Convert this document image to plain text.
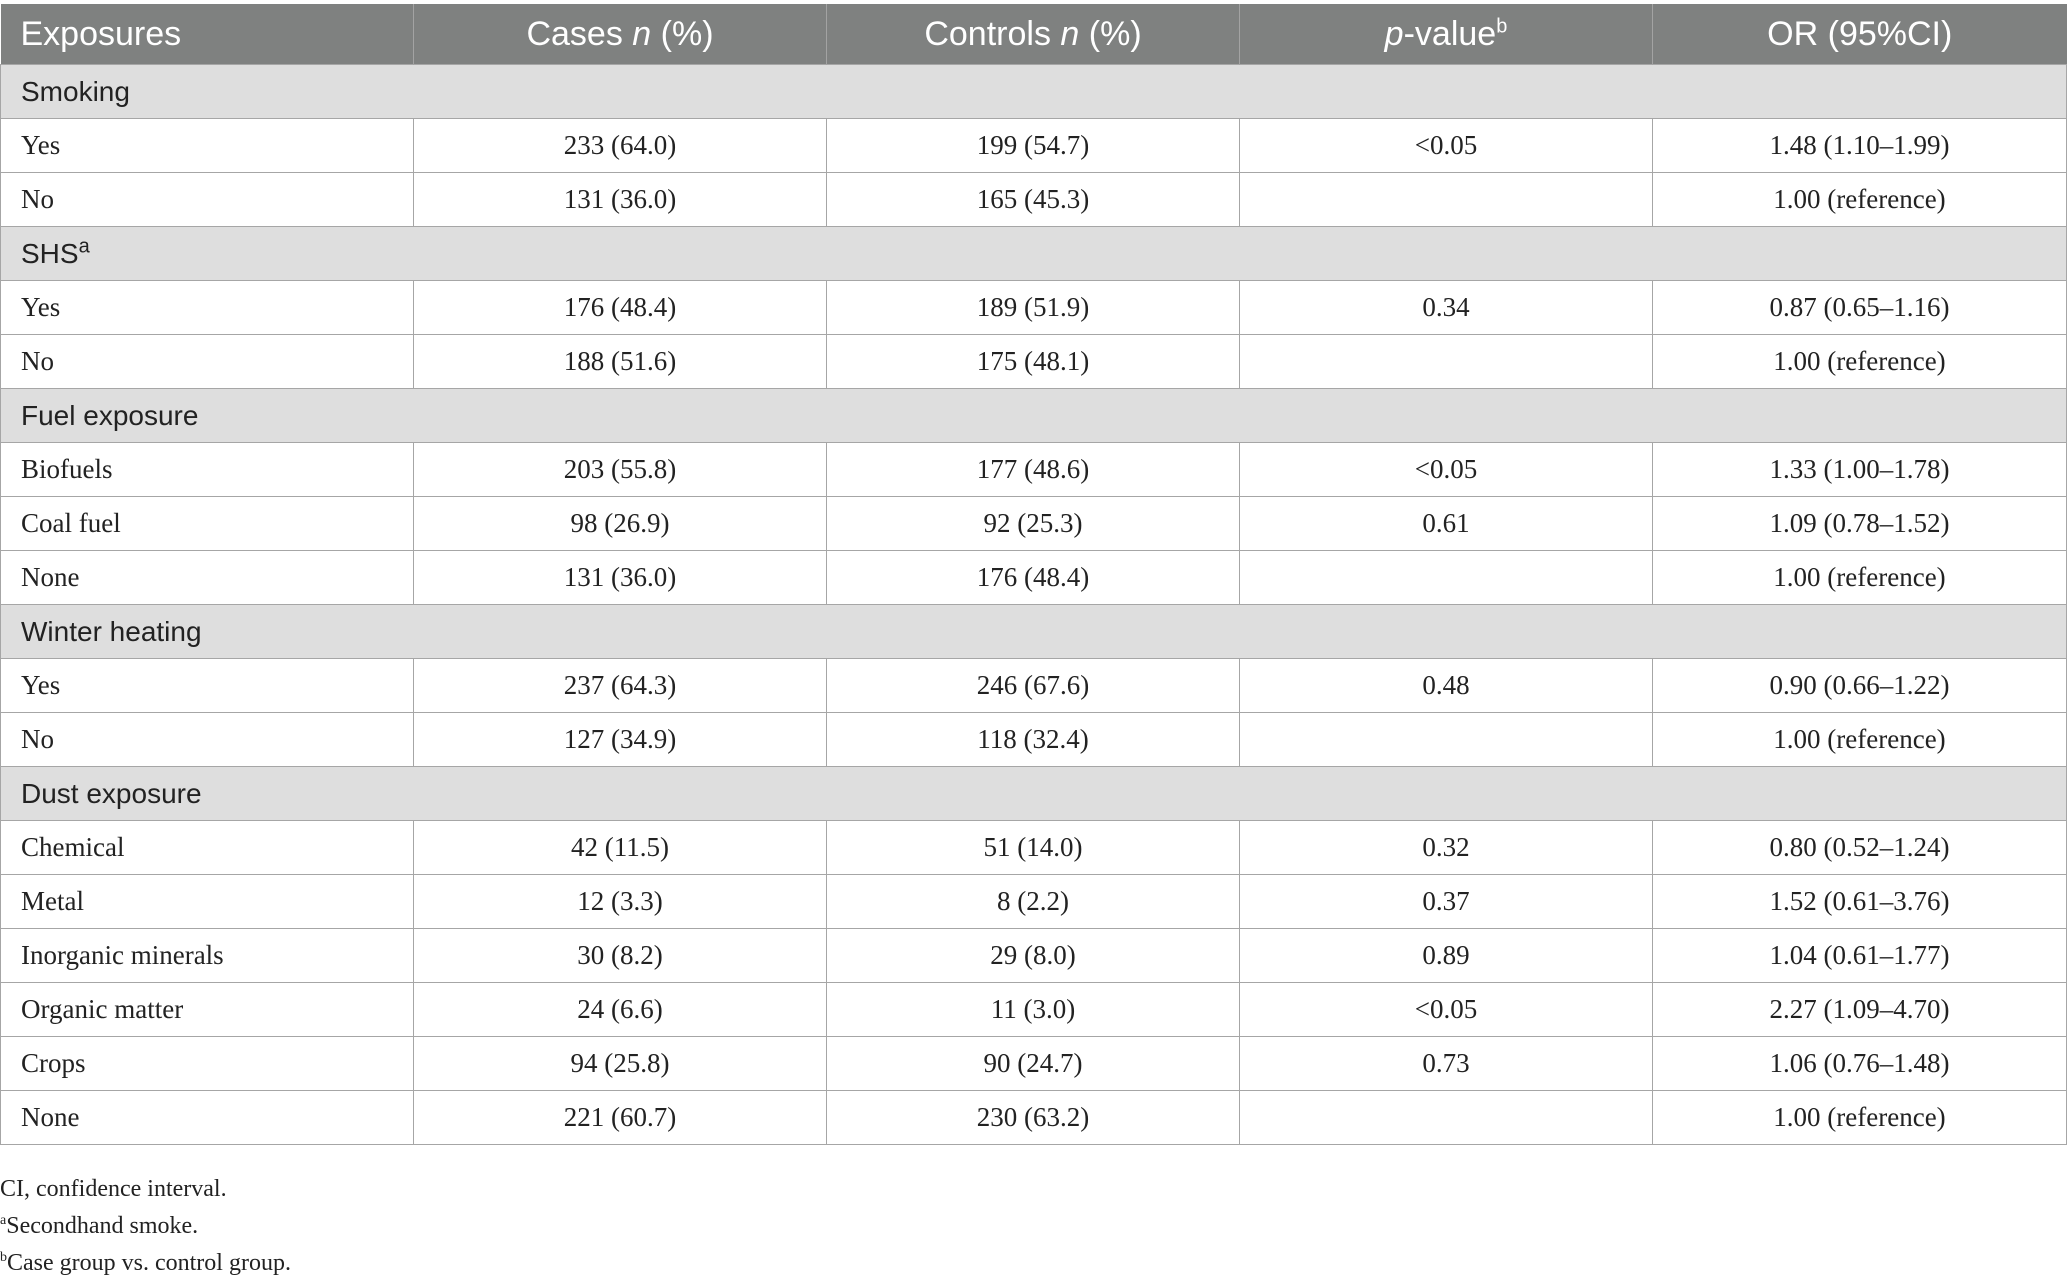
Exposures	Cases n (%)	Controls n (%)	p-value$^b$	OR (95%CI)
Smoking				
Yes	233 (64.0)	199 (54.7)	<0.05	1.48 (1.10–1.99)
No	131 (36.0)	165 (45.3)		1.00 (reference)
SHS$^a$
Yes	176 (48.4)	189 (51.9)	0.34	0.87 (0.65–1.16)
No	188 (51.6)	175 (48.1)		1.00 (reference)
Fuel exposure				
Biofuels	203 (55.8)	177 (48.6)	<0.05	1.33 (1.00–1.78)
Coal fuel	98 (26.9)	92 (25.3)	0.61	1.09 (0.78–1.52)
None	131 (36.0)	176 (48.4)		1.00 (reference)
Winter heating				
Yes	237 (64.3)	246 (67.6)	0.48	0.90 (0.66–1.22)
No	127 (34.9)	118 (32.4)		1.00 (reference)
Dust exposure				
Chemical	42 (11.5)	51 (14.0)	0.32	0.80 (0.52–1.24)
Metal	12 (3.3)	8 (2.2)	0.37	1.52 (0.61–3.76)
Inorganic minerals	30 (8.2)	29 (8.0)	0.89	1.04 (0.61–1.77)
Organic matter	24 (6.6)	11 (3.0)	<0.05	2.27 (1.09–4.70)
Crops	94 (25.8)	90 (24.7)	0.73	1.06 (0.76–1.48)
None	221 (60.7)	230 (63.2)		1.00 (reference)
CI, confidence interval.
$^a$Secondhand smoke.
$^b$Case group vs. control group.
